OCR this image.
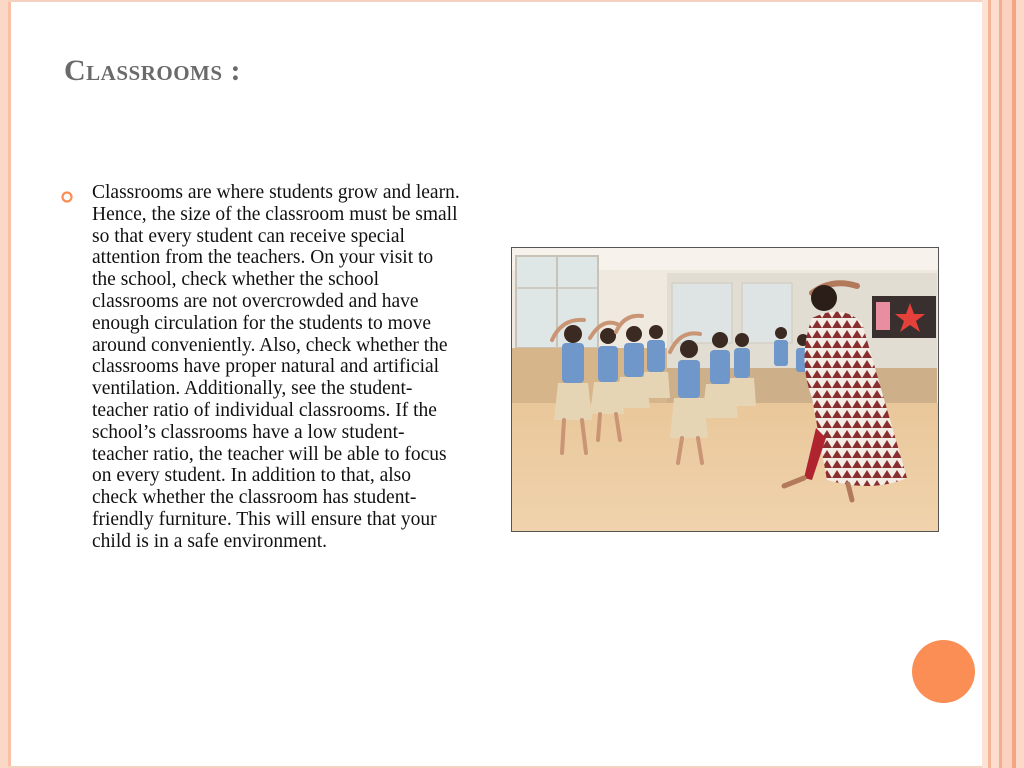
Classrooms :

Classrooms are where students grow and learn. Hence, the size of the classroom must be small so that every student can receive special attention from the teachers. On your visit to the school, check whether the school classrooms are not overcrowded and have enough circulation for the students to move around conveniently. Also, check whether the classrooms have proper natural and artificial ventilation. Additionally, see the student-teacher ratio of individual classrooms. If the school’s classrooms have a low student-teacher ratio, the teacher will be able to focus on every student. In addition to that, also check whether the classroom has student-friendly furniture. This will ensure that your child is in a safe environment.
